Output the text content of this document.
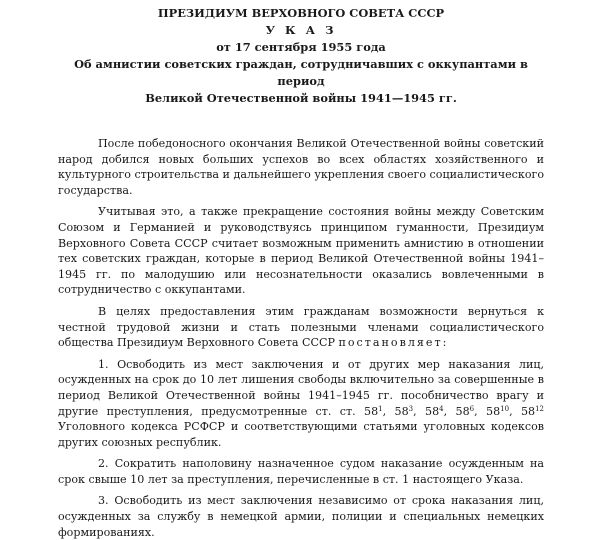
ПРЕЗИДИУМ ВЕРХОВНОГО СОВЕТА СССР

У К А З

от 17 сентября 1955 года

Об амнистии советских граждан, сотрудничавших с оккупантами в период

Великой Отечественной войны 1941—1945 гг.

После победоносного окончания Великой Отечественной войны советский народ добился новых больших успехов во всех областях хозяйственного и культурного строительства и дальнейшего укрепления своего социалистического государства.

Учитывая это, а также прекращение состояния войны между Советским Союзом и Германией и руководствуясь принципом гуманности, Президиум Верховного Совета СССР считает возможным применить амнистию в отношении тех советских граждан, которые в период Великой Отечественной войны 1941–1945 гг. по малодушию или несознательности оказались вовлеченными в сотрудничество с оккупантами.

В целях предоставления этим гражданам возможности вернуться к честной трудовой жизни и стать полезными членами социалистического общества Президиум Верховного Совета СССР постановляет:

1. Освободить из мест заключения и от других мер наказания лиц, осужденных на срок до 10 лет лишения свободы включительно за совершенные в период Великой Отечественной войны 1941–1945 гг. пособничество врагу и другие преступления, предусмотренные ст. ст. $58^1$, $58^3$, $58^4$, $58^6$, $58^{10}$, $58^{12}$ Уголовного кодекса РСФСР и соответствующими статьями уголовных кодексов других союзных республик.

2. Сократить наполовину назначенное судом наказание осужденным на срок свыше 10 лет за преступления, перечисленные в ст. 1 настоящего Указа.

3. Освободить из мест заключения независимо от срока наказания лиц, осужденных за службу в немецкой армии, полиции и специальных немецких формированиях.
